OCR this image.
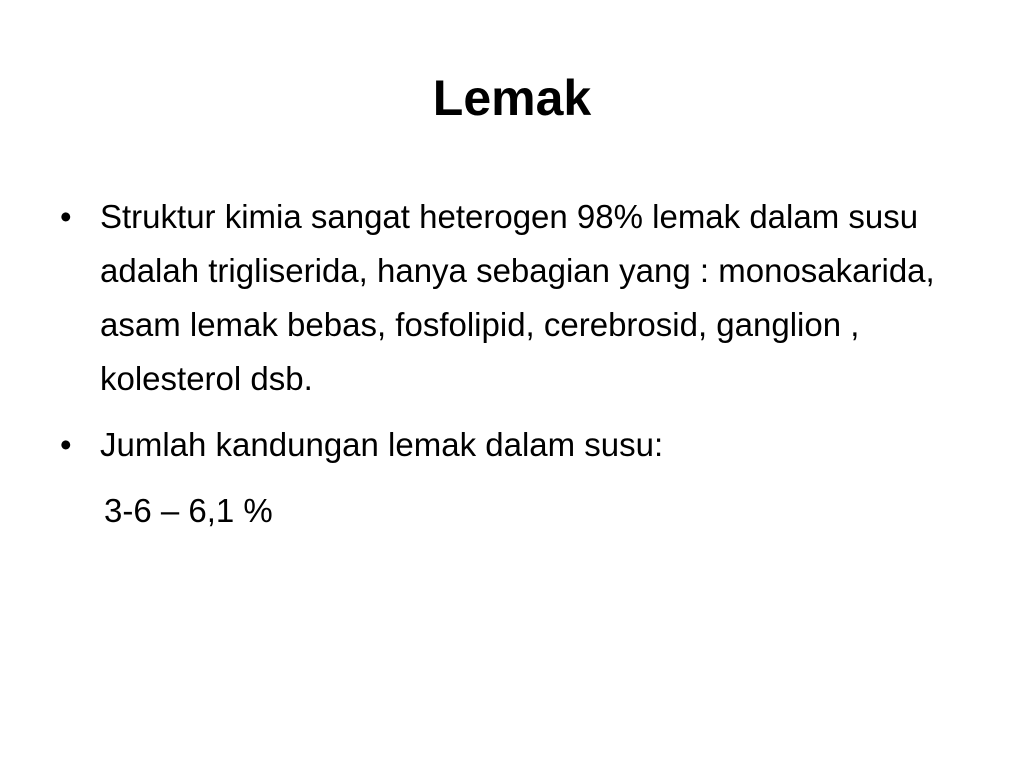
Lemak
• Struktur kimia sangat heterogen 98% lemak dalam susu adalah trigliserida, hanya sebagian yang : monosakarida, asam lemak bebas, fosfolipid, cerebrosid, ganglion , kolesterol dsb.
• Jumlah kandungan lemak dalam susu:
3-6 – 6,1 %
